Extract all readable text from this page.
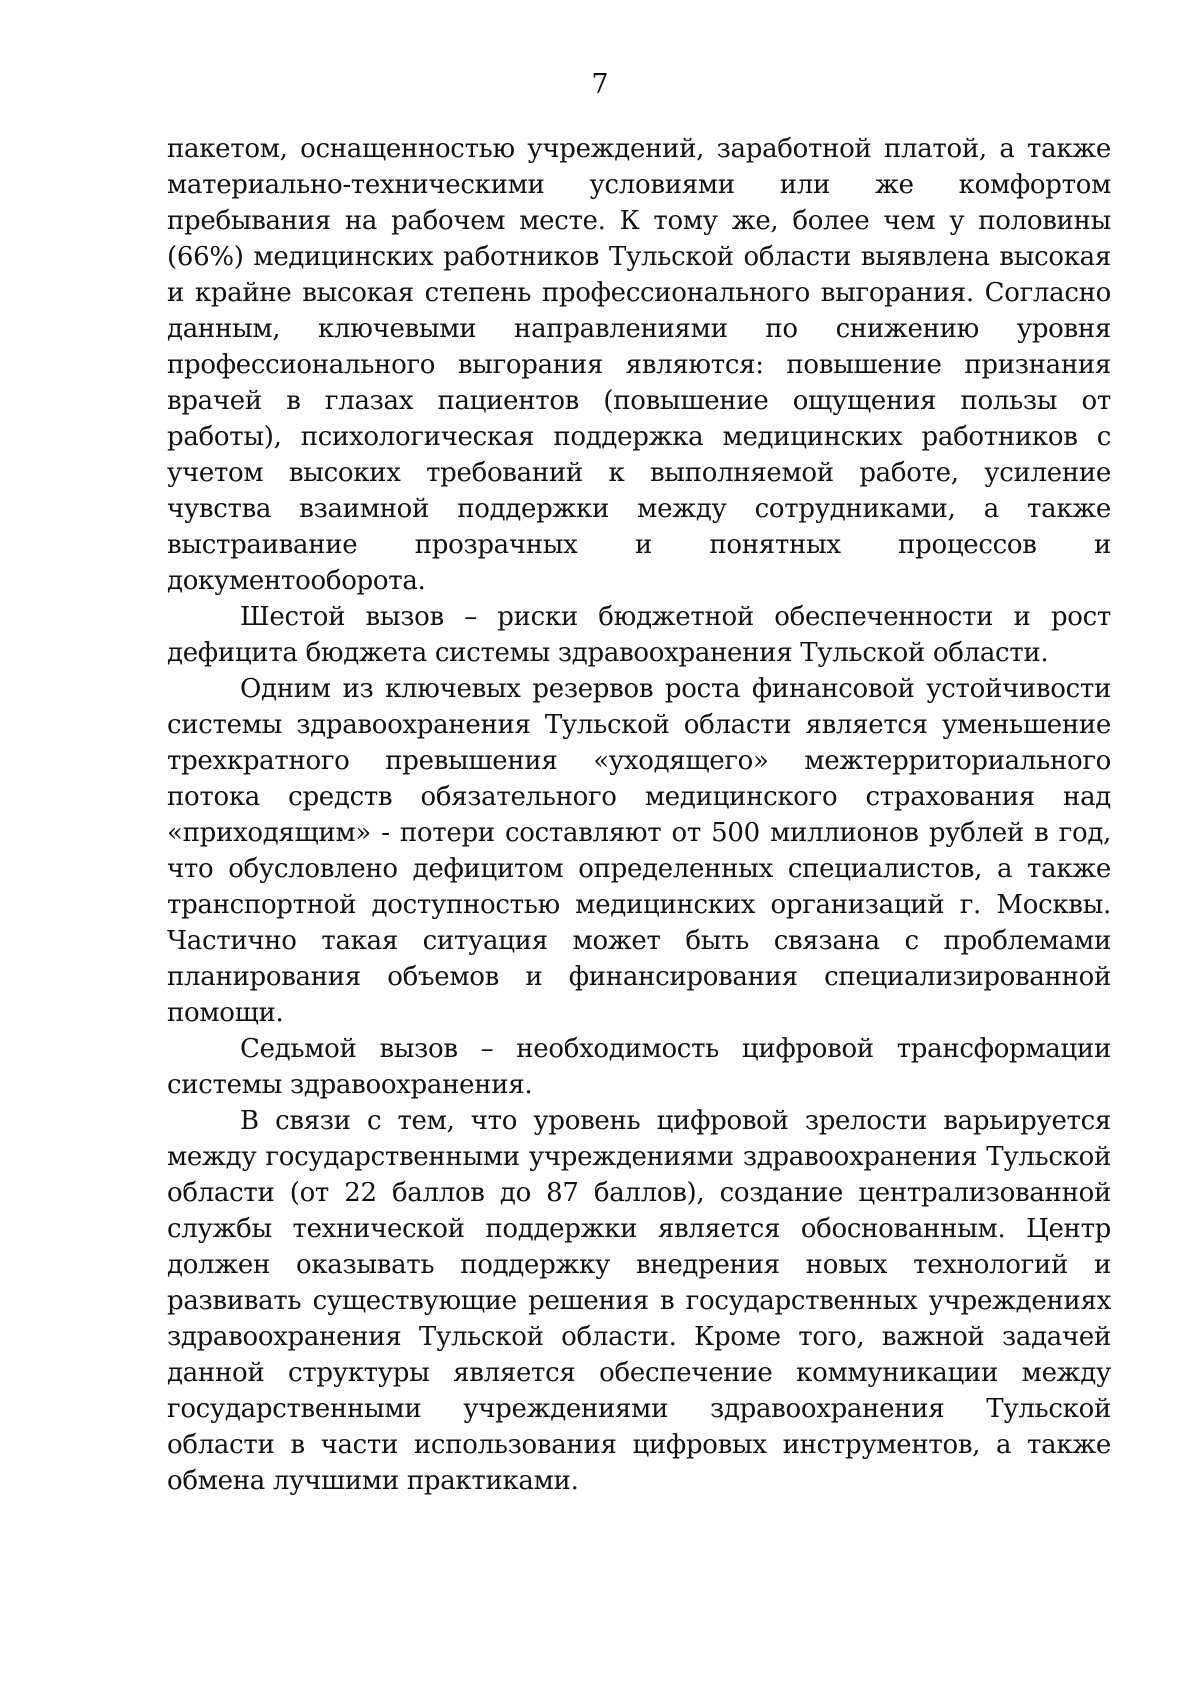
7

пакетом, оснащенностью учреждений, заработной платой, а также материально-техническими условиями или же комфортом пребывания на рабочем месте. К тому же, более чем у половины (66%) медицинских работников Тульской области выявлена высокая и крайне высокая степень профессионального выгорания. Согласно данным, ключевыми направлениями по снижению уровня профессионального выгорания являются: повышение признания врачей в глазах пациентов (повышение ощущения пользы от работы), психологическая поддержка медицинских работников с учетом высоких требований к выполняемой работе, усиление чувства взаимной поддержки между сотрудниками, а также выстраивание прозрачных и понятных процессов и документооборота.

Шестой вызов – риски бюджетной обеспеченности и рост дефицита бюджета системы здравоохранения Тульской области.

Одним из ключевых резервов роста финансовой устойчивости системы здравоохранения Тульской области является уменьшение трехкратного превышения «уходящего» межтерриториального потока средств обязательного медицинского страхования над «приходящим» - потери составляют от 500 миллионов рублей в год, что обусловлено дефицитом определенных специалистов, а также транспортной доступностью медицинских организаций г. Москвы. Частично такая ситуация может быть связана с проблемами планирования объемов и финансирования специализированной помощи.

Седьмой вызов – необходимость цифровой трансформации системы здравоохранения.

В связи с тем, что уровень цифровой зрелости варьируется между государственными учреждениями здравоохранения Тульской области (от 22 баллов до 87 баллов), создание централизованной службы технической поддержки является обоснованным. Центр должен оказывать поддержку внедрения новых технологий и развивать существующие решения в государственных учреждениях здравоохранения Тульской области. Кроме того, важной задачей данной структуры является обеспечение коммуникации между государственными учреждениями здравоохранения Тульской области в части использования цифровых инструментов, а также обмена лучшими практиками.
